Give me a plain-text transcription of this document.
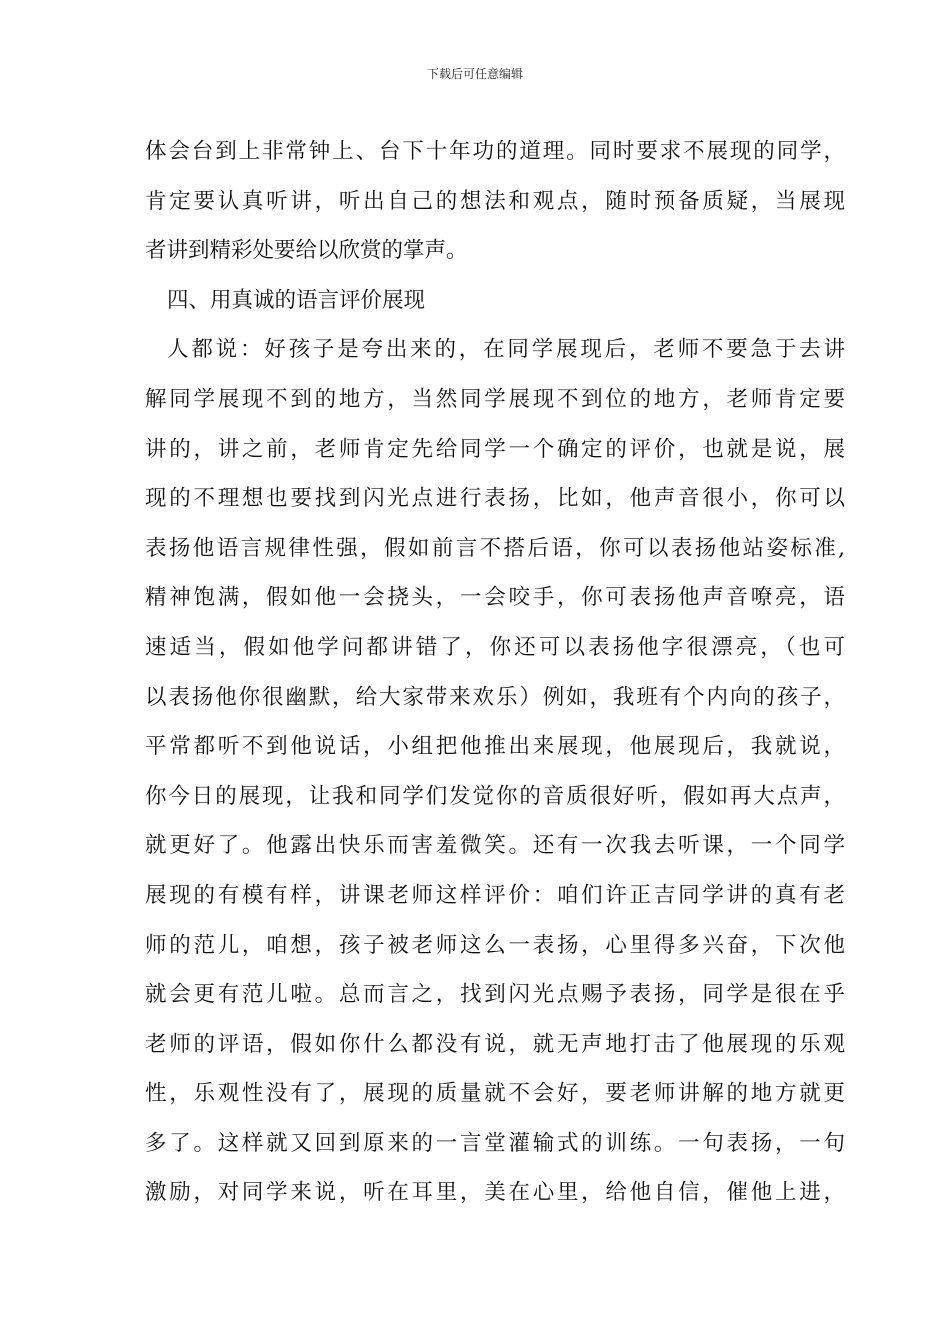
下载后可任意编辑
体会台到上非常钟上、台下十年功的道理。同时要求不展现的同学，
肯定要认真听讲，听出自己的想法和观点，随时预备质疑，当展现
者讲到精彩处要给以欣赏的掌声。
四、用真诚的语言评价展现
人都说：好孩子是夸出来的，在同学展现后，老师不要急于去讲
解同学展现不到的地方，当然同学展现不到位的地方，老师肯定要
讲的，讲之前，老师肯定先给同学一个确定的评价，也就是说，展
现的不理想也要找到闪光点进行表扬，比如，他声音很小，你可以
表扬他语言规律性强，假如前言不搭后语，你可以表扬他站姿标准,
精神饱满，假如他一会挠头，一会咬手，你可表扬他声音嘹亮，语
速适当，假如他学问都讲错了，你还可以表扬他字很漂亮，（也可
以表扬他你很幽默，给大家带来欢乐）例如，我班有个内向的孩子，
平常都听不到他说话，小组把他推出来展现，他展现后，我就说，
你今日的展现，让我和同学们发觉你的音质很好听，假如再大点声，
就更好了。他露出快乐而害羞微笑。还有一次我去听课，一个同学
展现的有模有样，讲课老师这样评价：咱们许正吉同学讲的真有老
师的范儿，咱想，孩子被老师这么一表扬，心里得多兴奋，下次他
就会更有范儿啦。总而言之，找到闪光点赐予表扬，同学是很在乎
老师的评语，假如你什么都没有说，就无声地打击了他展现的乐观
性，乐观性没有了，展现的质量就不会好，要老师讲解的地方就更
多了。这样就又回到原来的一言堂灌输式的训练。一句表扬，一句
激励，对同学来说，听在耳里，美在心里，给他自信，催他上进，
